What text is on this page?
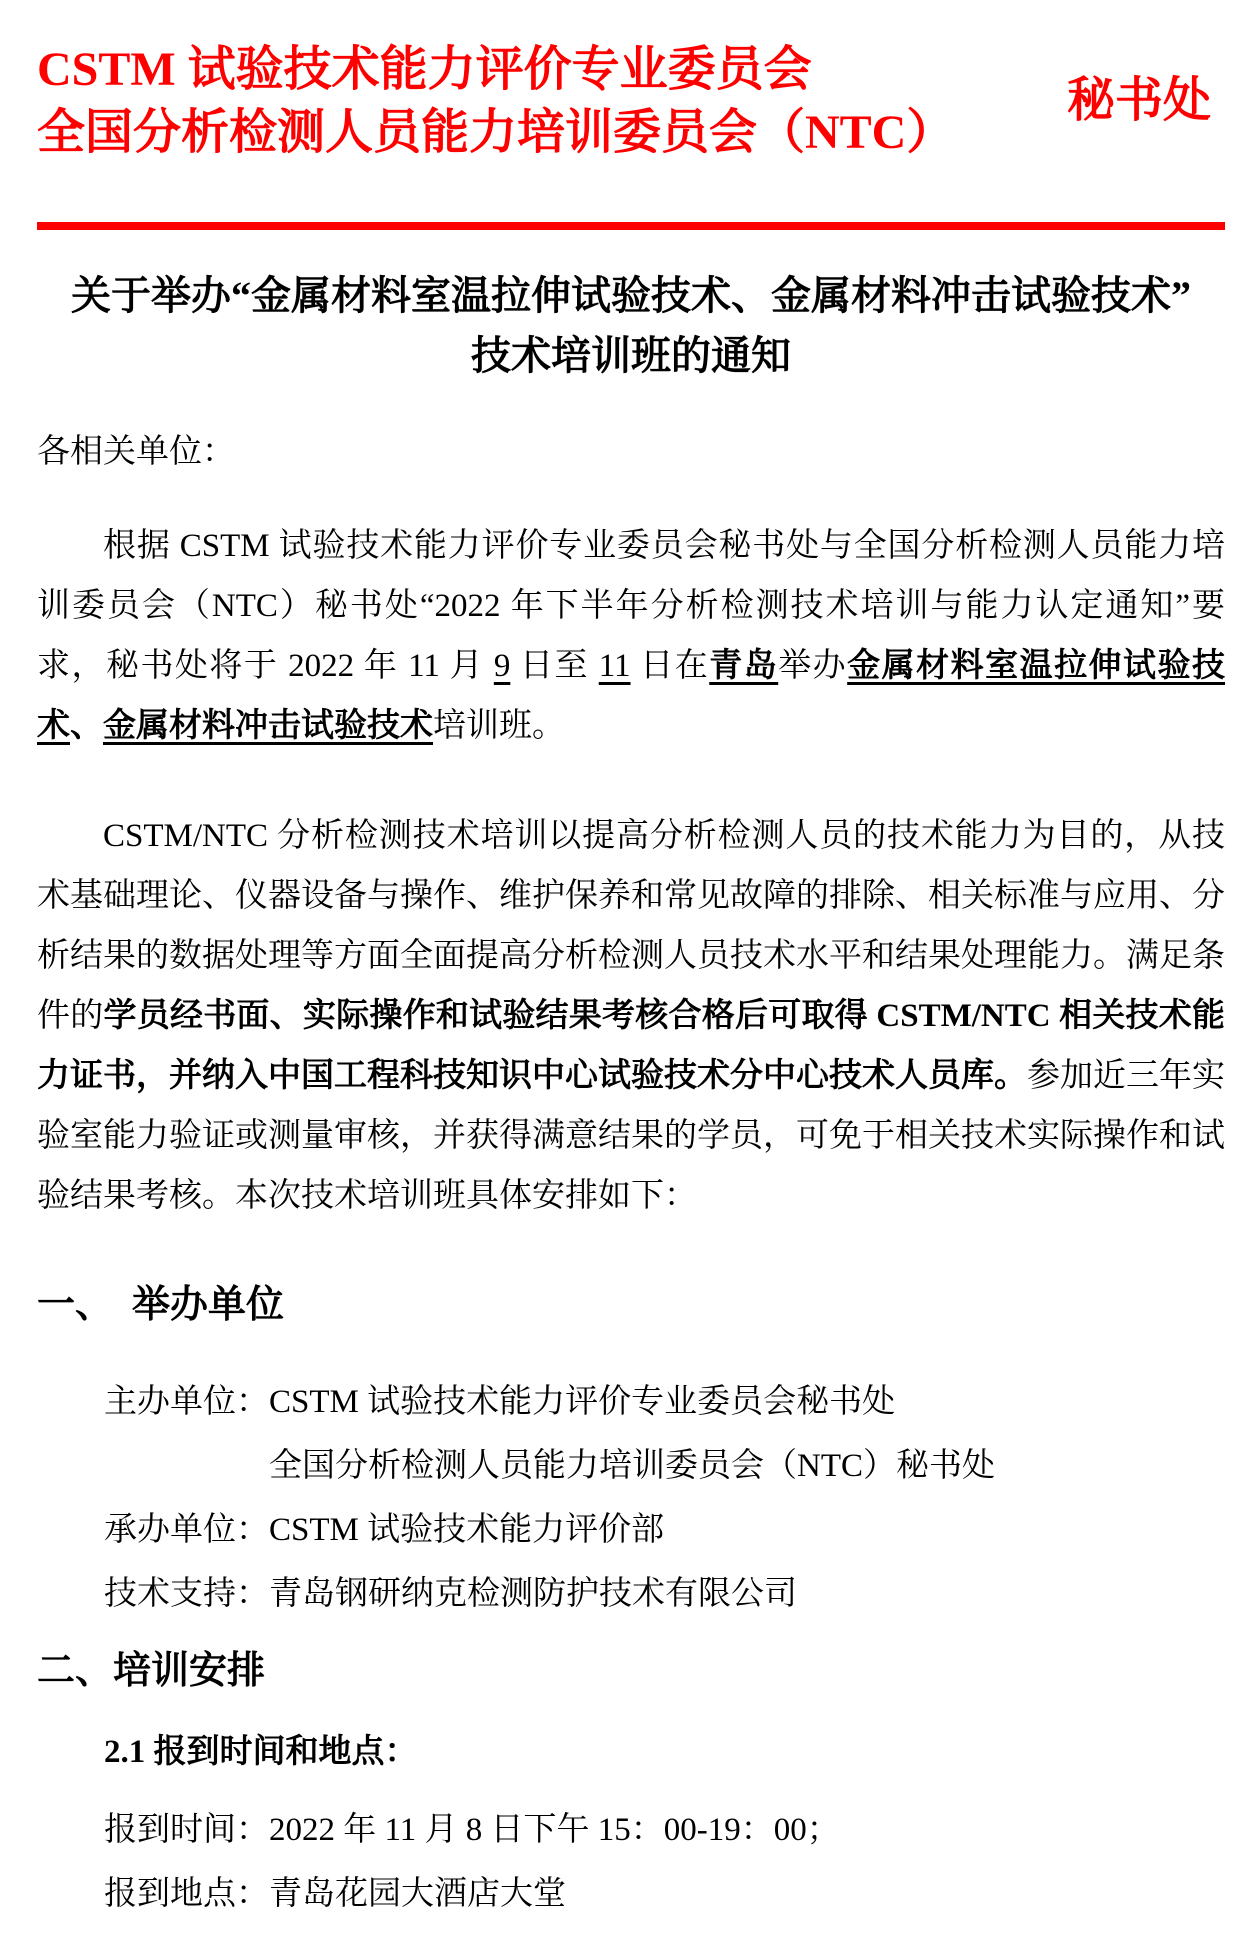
CSTM 试验技术能力评价专业委员会
全国分析检测人员能力培训委员会（NTC）
秘书处
关于举办“金属材料室温拉伸试验技术、金属材料冲击试验技术”
技术培训班的通知
各相关单位：

根据 CSTM 试验技术能力评价专业委员会秘书处与全国分析检测人员能力培训委员会（NTC）秘书处“2022 年下半年分析检测技术培训与能力认定通知”要求，秘书处将于 2022 年 11 月 9 日至 11 日在青岛举办金属材料室温拉伸试验技术、金属材料冲击试验技术培训班。

CSTM/NTC 分析检测技术培训以提高分析检测人员的技术能力为目的，从技术基础理论、仪器设备与操作、维护保养和常见故障的排除、相关标准与应用、分析结果的数据处理等方面全面提高分析检测人员技术水平和结果处理能力。满足条件的学员经书面、实际操作和试验结果考核合格后可取得 CSTM/NTC 相关技术能力证书，并纳入中国工程科技知识中心试验技术分中心技术人员库。参加近三年实验室能力验证或测量审核，并获得满意结果的学员，可免于相关技术实际操作和试验结果考核。本次技术培训班具体安排如下：

一、　举办单位
主办单位：CSTM 试验技术能力评价专业委员会秘书处
全国分析检测人员能力培训委员会（NTC）秘书处
承办单位：CSTM 试验技术能力评价部
技术支持：青岛钢研纳克检测防护技术有限公司
二、培训安排
2.1 报到时间和地点：
报到时间：2022 年 11 月 8 日下午 15：00-19：00；
报到地点：青岛花园大酒店大堂
